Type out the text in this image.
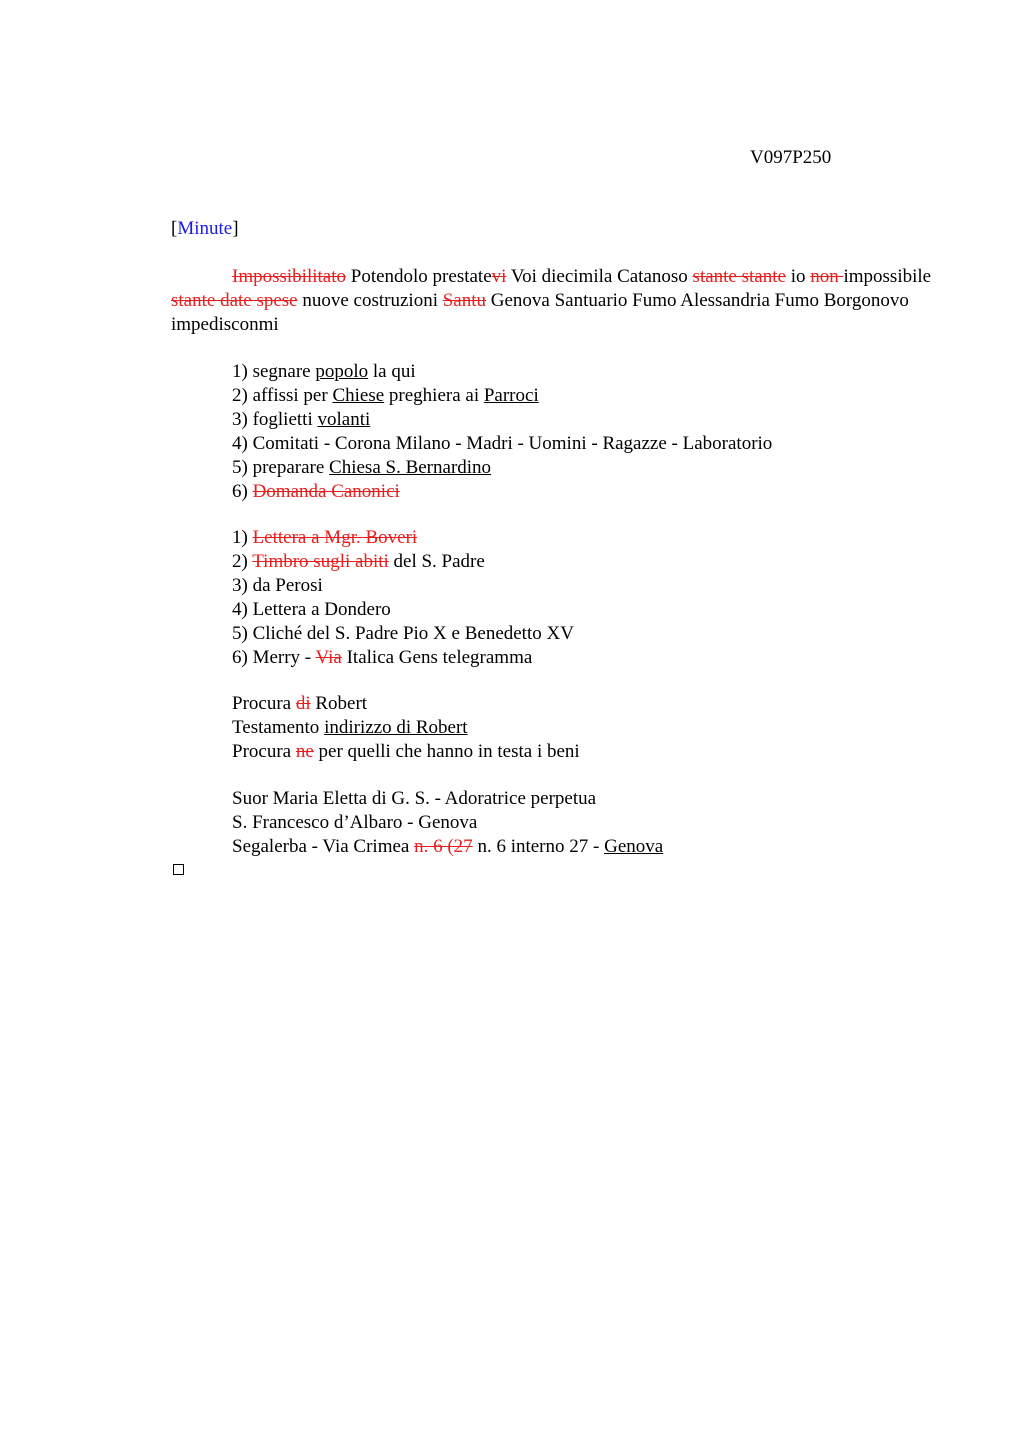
V097P250
[Minute]
Impossibilitato Potendolo prestatevi Voi diecimila Catanoso stante stante io non impossibile stante date spese nuove costruzioni Santu Genova Santuario Fumo Alessandria Fumo Borgonovo impedisconmi
1) segnare popolo la qui
2) affissi per Chiese preghiera ai Parroci
3) foglietti volanti
4) Comitati - Corona Milano - Madri - Uomini - Ragazze - Laboratorio
5) preparare Chiesa S. Bernardino
6) Domanda Canonici
1) Lettera a Mgr. Boveri
2) Timbro sugli abiti del S. Padre
3) da Perosi
4) Lettera a Dondero
5) Cliché del S. Padre Pio X e Benedetto XV
6) Merry - Via Italica Gens telegramma
Procura di Robert
Testamento indirizzo di Robert
Procura ne per quelli che hanno in testa i beni
Suor Maria Eletta di G. S. - Adoratrice perpetua
S. Francesco d’Albaro - Genova
Segalerba - Via Crimea n. 6 (27 n. 6 interno 27 - Genova
